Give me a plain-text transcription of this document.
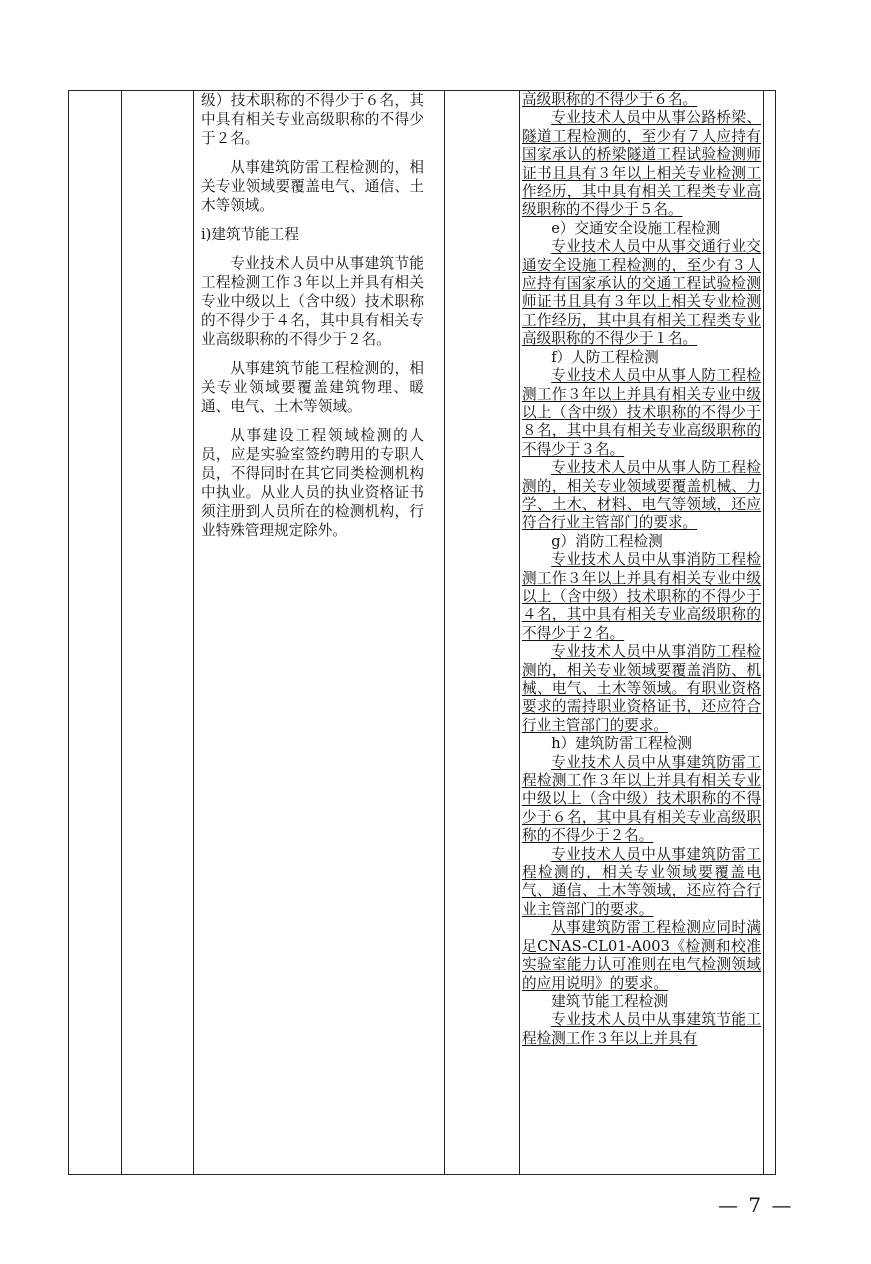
级）技术职称的不得少于６名，其中具有相关专业高级职称的不得少于２名。

从事建筑防雷工程检测的，相关专业领域要覆盖电气、通信、土木等领域。

i)建筑节能工程

专业技术人员中从事建筑节能工程检测工作３年以上并具有相关专业中级以上（含中级）技术职称的不得少于４名，其中具有相关专业高级职称的不得少于２名。

从事建筑节能工程检测的，相关专业领域要覆盖建筑物理、暖通、电气、土木等领域。

从事建设工程领域检测的人员，应是实验室签约聘用的专职人员，不得同时在其它同类检测机构中执业。从业人员的执业资格证书须注册到人员所在的检测机构，行业特殊管理规定除外。

高级职称的不得少于６名。

专业技术人员中从事公路桥梁、隧道工程检测的，至少有７人应持有国家承认的桥梁隧道工程试验检测师证书且具有３年以上相关专业检测工作经历，其中具有相关工程类专业高级职称的不得少于５名。

e）交通安全设施工程检测

专业技术人员中从事交通行业交通安全设施工程检测的，至少有３人应持有国家承认的交通工程试验检测师证书且具有３年以上相关专业检测工作经历，其中具有相关工程类专业高级职称的不得少于１名。

f）人防工程检测

专业技术人员中从事人防工程检测工作３年以上并具有相关专业中级以上（含中级）技术职称的不得少于８名，其中具有相关专业高级职称的不得少于３名。

专业技术人员中从事人防工程检测的，相关专业领域要覆盖机械、力学、土木、材料、电气等领域，还应符合行业主管部门的要求。

g）消防工程检测

专业技术人员中从事消防工程检测工作３年以上并具有相关专业中级以上（含中级）技术职称的不得少于４名，其中具有相关专业高级职称的不得少于２名。

专业技术人员中从事消防工程检测的，相关专业领域要覆盖消防、机械、电气、土木等领域。有职业资格要求的需持职业资格证书，还应符合行业主管部门的要求。

h）建筑防雷工程检测

专业技术人员中从事建筑防雷工程检测工作３年以上并具有相关专业中级以上（含中级）技术职称的不得少于６名，其中具有相关专业高级职称的不得少于２名。

专业技术人员中从事建筑防雷工程检测的，相关专业领域要覆盖电气、通信、土木等领域，还应符合行业主管部门的要求。

从事建筑防雷工程检测应同时满足CNAS-CL01-A003《检测和校准实验室能力认可准则在电气检测领域的应用说明》的要求。

建筑节能工程检测

专业技术人员中从事建筑节能工程检测工作３年以上并具有

— 7 —
